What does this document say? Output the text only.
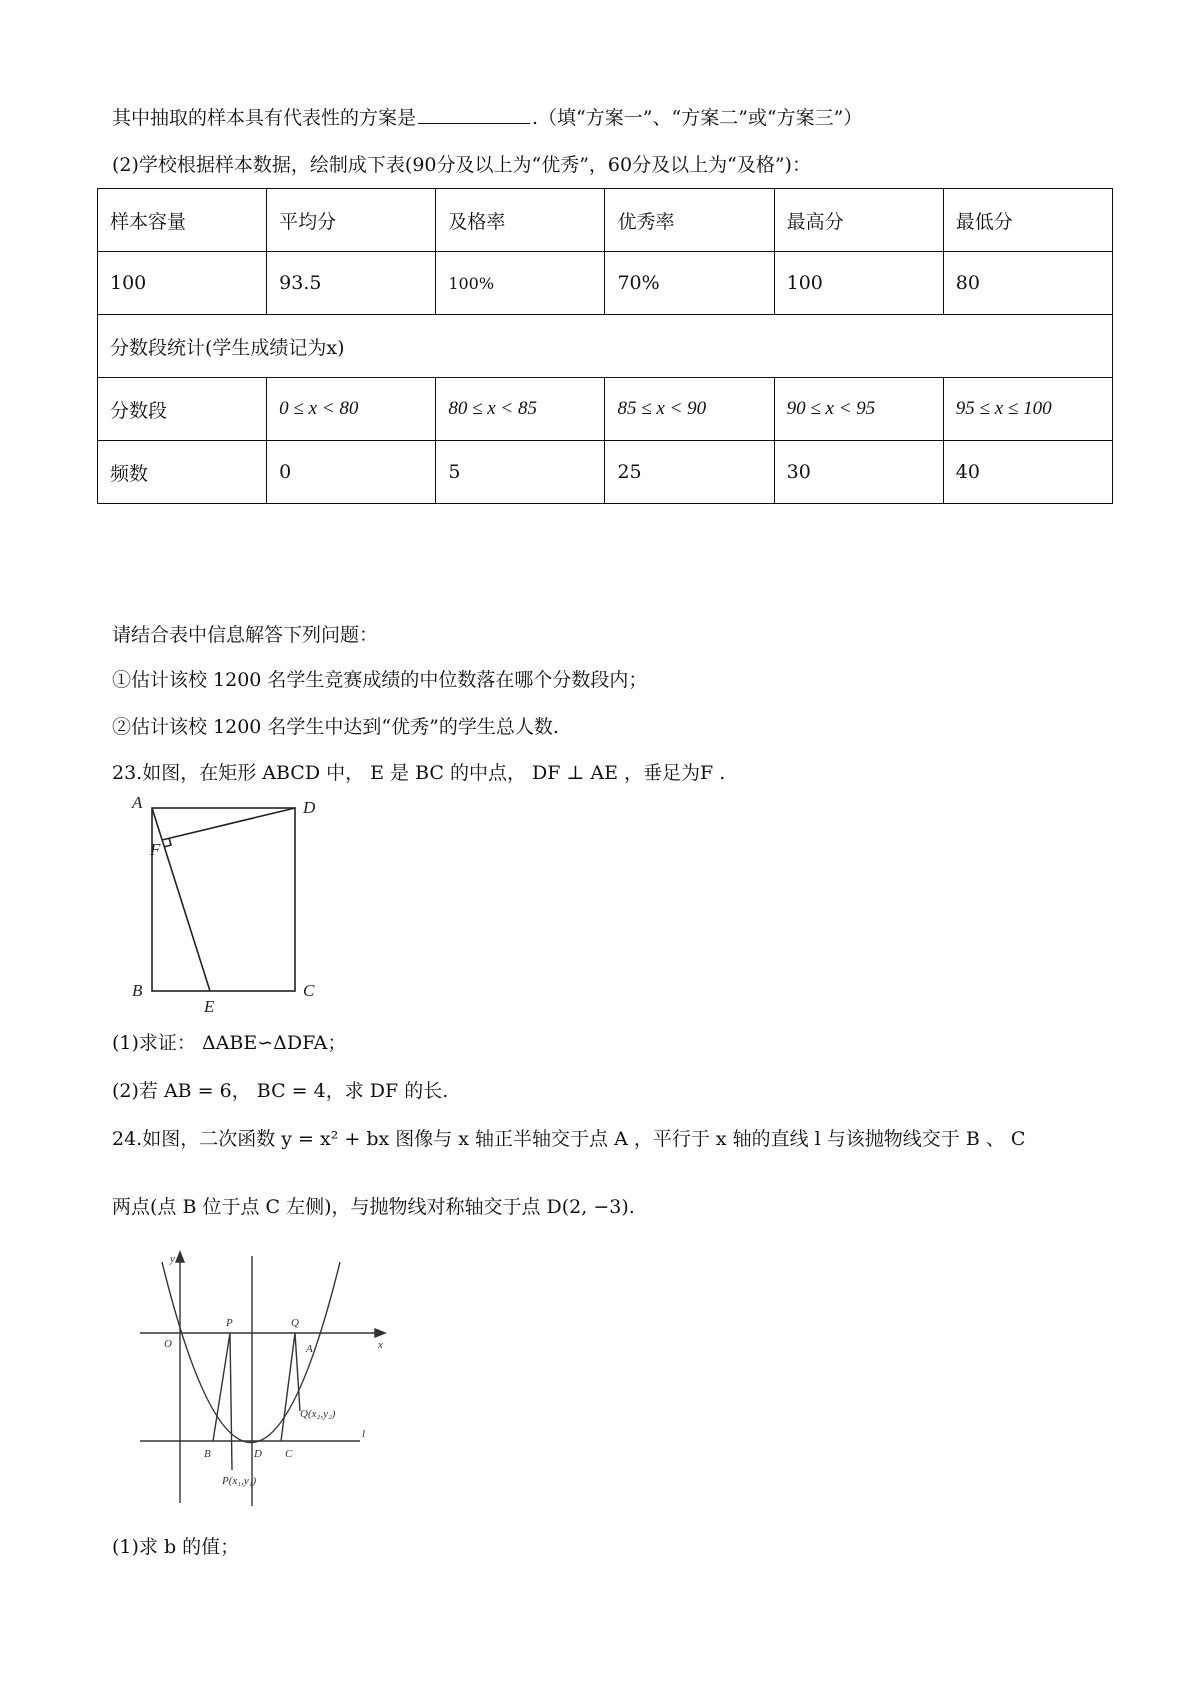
其中抽取的样本具有代表性的方案是	.（填“方案一”、“方案二”或“方案三”）
(2)学校根据样本数据，绘制成下表(90分及以上为“优秀”，60分及以上为“及格”)：
样本容量	平均分	及格率	优秀率	最高分	最低分
100	93.5	100%	70%	100	80
分数段统计(学生成绩记为x)					
分数段	0 ≤ x < 80	80 ≤ x < 85	85 ≤ x < 90	90 ≤ x < 95	95 ≤ x ≤ 100
频数	0	5	25	30	40
请结合表中信息解答下列问题：
①估计该校 1200 名学生竞赛成绩的中位数落在哪个分数段内；
②估计该校 1200 名学生中达到“优秀”的学生总人数.
23.如图，在矩形 ABCD 中， E 是 BC 的中点， DF ⊥ AE ，垂足为F .
A	D
F
B
E
C
(1)求证： ΔABE∽ΔDFA；
(2)若 AB = 6， BC = 4，求 DF 的长.
24.如图，二次函数 y = x² + bx 图像与 x 轴正半轴交于点 A ，平行于 x 轴的直线 l 与该抛物线交于 B 、 C
两点(点 B 位于点 C 左侧)，与抛物线对称轴交于点 D(2, −3).
y
x
O
P	Q
A
Q(x₂,y₂)
l
B	D C
P(x₁,y₁)
(1)求 b 的值；
